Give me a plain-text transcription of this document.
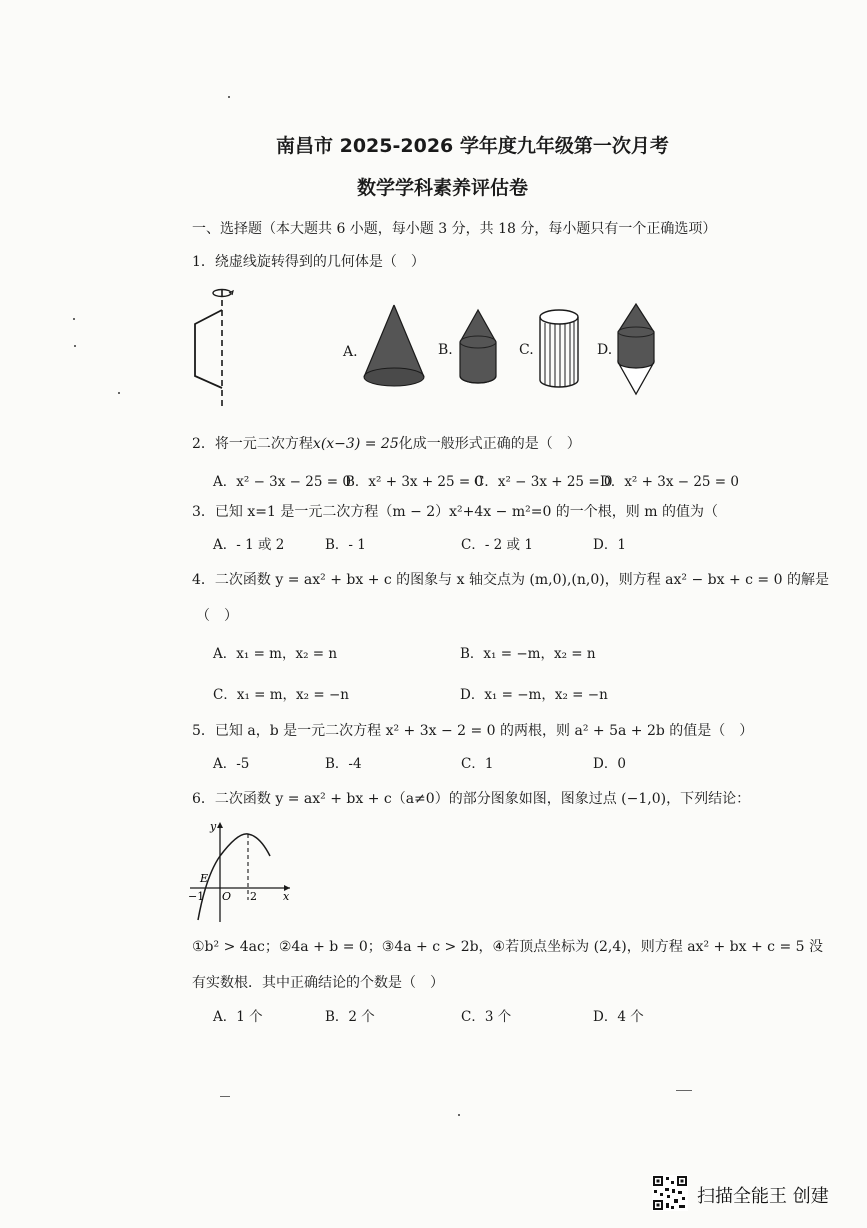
南昌市 2025-2026 学年度九年级第一次月考
数学学科素养评估卷
一、选择题（本大题共 6 小题，每小题 3 分，共 18 分，每小题只有一个正确选项）
1．绕虚线旋转得到的几何体是（　）
A.	B.	C.	D.
2．将一元二次方程x(x−3) = 25化成一般形式正确的是（　）
A．x² − 3x − 25 = 0
B．x² + 3x + 25 = 0
C．x² − 3x + 25 = 0
D．x² + 3x − 25 = 0
3．已知 x=1 是一元二次方程（m − 2）x²+4x − m²=0 的一个根，则 m 的值为（
A．- 1 或 2	B．- 1	C．- 2 或 1	D．1
4．二次函数 y = ax² + bx + c 的图象与 x 轴交点为 (m,0),(n,0)，则方程 ax² − bx + c = 0 的解是
（　）
A．x₁ = m，x₂ = n	B．x₁ = −m，x₂ = n
C．x₁ = m，x₂ = −n	D．x₁ = −m，x₂ = −n
5．已知 a，b 是一元二次方程 x² + 3x − 2 = 0 的两根，则 a² + 5a + 2b 的值是（　）
A．-5	B．-4	C．1	D．0
6．二次函数 y = ax² + bx + c（a≠0）的部分图象如图，图象过点 (−1,0)，下列结论：
y
x
E
−1 O 2
①b² > 4ac；②4a + b = 0；③4a + c > 2b，④若顶点坐标为 (2,4)，则方程 ax² + bx + c = 5 没
有实数根．其中正确结论的个数是（　）
A．1 个	B．2 个	C．3 个	D．4 个
扫描全能王 创建
